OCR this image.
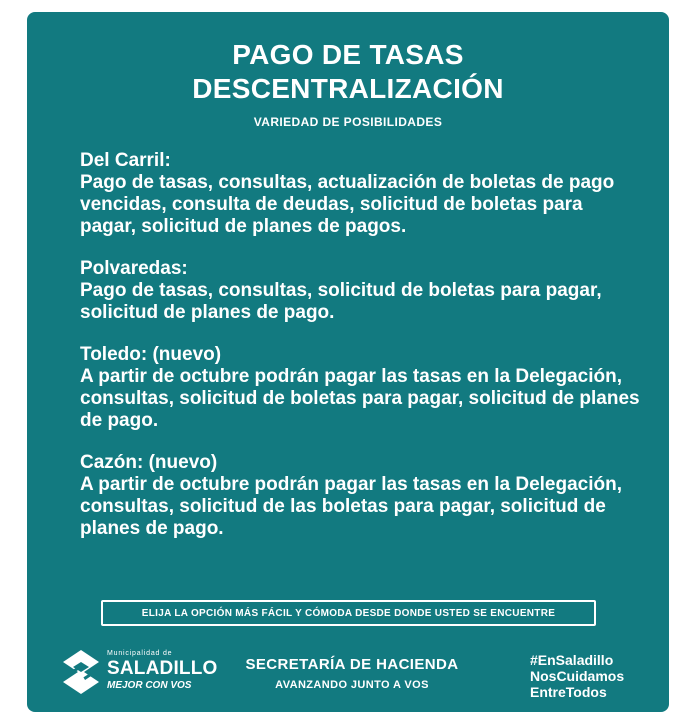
PAGO DE TASAS
DESCENTRALIZACIÓN
VARIEDAD DE POSIBILIDADES
Del Carril:
Pago de tasas, consultas, actualización de boletas de pago vencidas, consulta de deudas, solicitud de boletas para pagar, solicitud de planes de pagos.
Polvaredas:
Pago de tasas, consultas, solicitud de boletas para pagar, solicitud de planes de pago.
Toledo: (nuevo)
A partir de octubre podrán pagar las tasas en la Delegación, consultas, solicitud de boletas para pagar, solicitud de planes de pago.
Cazón: (nuevo)
A partir de octubre podrán pagar las tasas en la Delegación, consultas, solicitud de las boletas para pagar, solicitud de planes de pago.
ELIJA LA OPCIÓN MÁS FÁCIL Y CÓMODA DESDE DONDE USTED SE ENCUENTRE
Municipalidad de
SALADILLO
MEJOR CON VOS
SECRETARÍA DE HACIENDA
AVANZANDO JUNTO A VOS
#EnSaladillo
NosCuidamos
EntreTodos
